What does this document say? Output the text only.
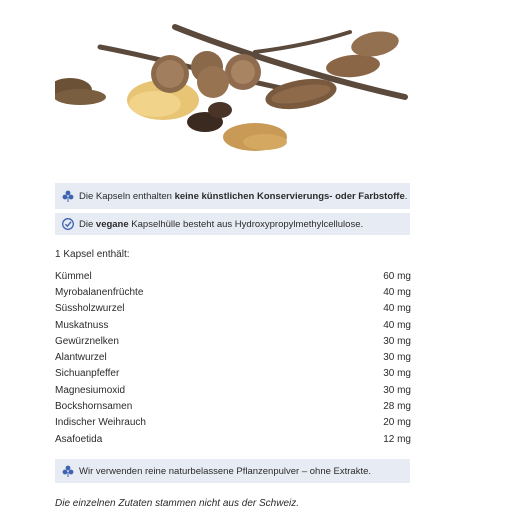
Die Kapseln enthalten keine künstlichen Konservierungs- oder Farbstoffe.
Die vegane Kapselhülle besteht aus Hydroxypropylmethylcellulose.
1 Kapsel enthält:
Kümmel	60 mg
Myrobalanenfrüchte	40 mg
Süssholzwurzel	40 mg
Muskatnuss	40 mg
Gewürznelken	30 mg
Alantwurzel	30 mg
Sichuanpfeffer	30 mg
Magnesiumoxid	30 mg
Bockshornsamen	28 mg
Indischer Weihrauch	20 mg
Asafoetida	12 mg
Wir verwenden reine naturbelassene Pflanzenpulver – ohne Extrakte.
Die einzelnen Zutaten stammen nicht aus der Schweiz.
